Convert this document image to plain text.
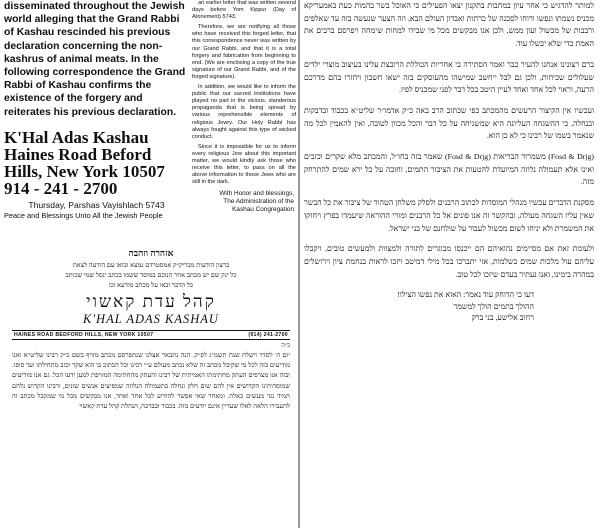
disseminated throughout the Jewish world alleging that the Grand Rabbi of Kashau rescinded his previous declaration concerning the non-kashrus of animal meats. In the following correspondence the Grand Rabbi of Kashau confirms the existence of the forgery and reiterates his previous declaration.

K'Hal Adas Kashau

Haines Road Beford Hills, New York 10507

914 - 241 - 2700

Thursday, Parshas Vayishlach 5743

Peace and Blessings Unto All the Jewish People

an earlier letter that was written several days before Yom Kippur (Day of Atonement) 5743.

Therefore, we are notifying all those who have received this forged letter, that this correspondence never was written by our Grand Rabbi, and that it is a total forgery and fabrication from beginning to end. (We are enclosing a copy of the true signature of our Grand Rabbi, and of the forged signature).

In addition, we would like to inform the public that our sacred institutions have played no part in the vicious, slanderous propaganda that is being spread by various reprehensible elements of religious Jewry. Our Holy Rabbi has always fought against this type of wicked conduct.

Since it is impossible for us to inform every religious Jew about this important matter, we would kindly ask those who receive this letter, to pass on all the above information to those Jews who are still in the dark.

With Honor and blessings,
The Administration of the
Kashau Congregation

אזהרה וזהבה

ברצון הודעות מבריק״ק אמסטרדם נמצא ובואו עם הודעה לצאת

כל ינק שם יש מכתב אחר הנוכם במוסד ששמו בכתב ינסל שמי שכותב

כל הדבר ובאו על מכתב מודעא וכו

קהל עדת קאשוי

K'HAL ADAS KASHAU

HAINES ROAD BEDFORD HILLS, NEW YORK 10507	(914) 241-2700

ב״ה

יום ה׳ לסדר וישלח שנת תשמ״ג לפ״ק. הנה נתבאר אצלנו שנתפרסם מכתב מזויף בשם כ״ק רבינו שליט״א ואנו מודיעים בזה לכל מי שקיבל מכתב זה שלא נכתב מעולם ע״י רבינו וכל הכתוב בו הוא שקר וכזב מתחילתו ועד סופו. ובזה אנו מצרפים העתק מחתימתו האמיתית של רבינו והעתק מהחתימה המזויפת למען ידעו הכל. גם אנו מודיעים שמוסדותינו הקדושים אין להם שום חלק ונחלה בתעמולה הנלוזה שמפיצים אנשים שונים, ורבינו הקדוש נלחם תמיד נגד מעשים כאלה. ומאחר שאי אפשר להודיע לכל אחד ואחד, אנו מבקשים מכל מי שמקבל מכתב זה להעבירו הלאה לאלו שעדיין אינם יודעים מזה. בכבוד ובברכה, הנהלת קהל עדת קאשוי

למותר להדגיש כי אחר עיון במחבות בתקנון יצאו הפעילים כי האוכל בשר בהמות כעת באמעריקא מכניס נשמתו ונפשו ורוחו לסכנה של כרתות ואבדון העולם הבא, וזה הצער שנעשה בזה עד שאלפים ורבבות של מכשול ועון ממש, ולכן אנו מבקשים מכל מי שבידו למחות שימחה ויפרסם ברבים את האמת כדי שלא יכשלו עוד.

ברם רצונינו אנחנו להעיר כבר ואמר הסתירה בי אחריות הכוללת הרובצת עלינו בעיצוב מוצרי ילדים שעלולים שכיחות, ולכן גם לבל ייחשב שמישהו מהעוסקים בזה ישאו חשבון ויחזרו בהם מדרכם הרעה, וראוי לכל אחד ואחד לעיין היטב בכל דבר לפני שמכניס לפיו.

ועכשיו אין הקיצור הרעשים מהמכתב כפי שכתוב הרב באה כ״ק אדמו״ר שליט״א בכבוד ובדבקות ובנחלה, כי ההשגחה העליונה היא שמשגיחה על כל דבר והכל מכוון לטובה, ואין להאמין לכל מה שנאמר בשמו של רבינו כי לא כן הוא.

(Fosd & Drjg) משמרוד הבריאות (Fosd & Drjg) שאמר בזה בחו״ל, והמכתב מלא שקרים וכזבים ואינו אלא תעמולה נלוזה המיועדת להטעות את הציבור התמים, וחובה על כל ירא שמים להתרחק מזה.

מסקנת הדברים עכשיו מנהלי המוסדות לכתוב הרבנים ולסלק משלחן הטהור של ציבור את כל הבשר שאין עליו השגחה מעולה, ובהקשר זה אנו פונים אל כל הרבנים ומורי ההוראה שיעמדו בפרץ ויחזקו את המשמרת ולא יניחו לשום מכשול לעבור על שולחנם של בני ישראל.

ולעומת זאת אם מסיימים נהואיהם הם ייכנסו מבוגרים לתורה ולמצוות ולמעשים טובים, ויקבלו עליהם עול מלכות שמים בשלמות, אזי יתברכו בכל מילי דמיטב ויזכו לראות בנחמת ציון וירושלים במהרה בימינו, ואנו נעתיר בעדם שיזכו לכל טוב.

דעו כי הדוחק עוד נאמר: האוא את נפשו הצילו!
ההולך בתמים הולך למשמר
רחוב אלישע, בני ברק
